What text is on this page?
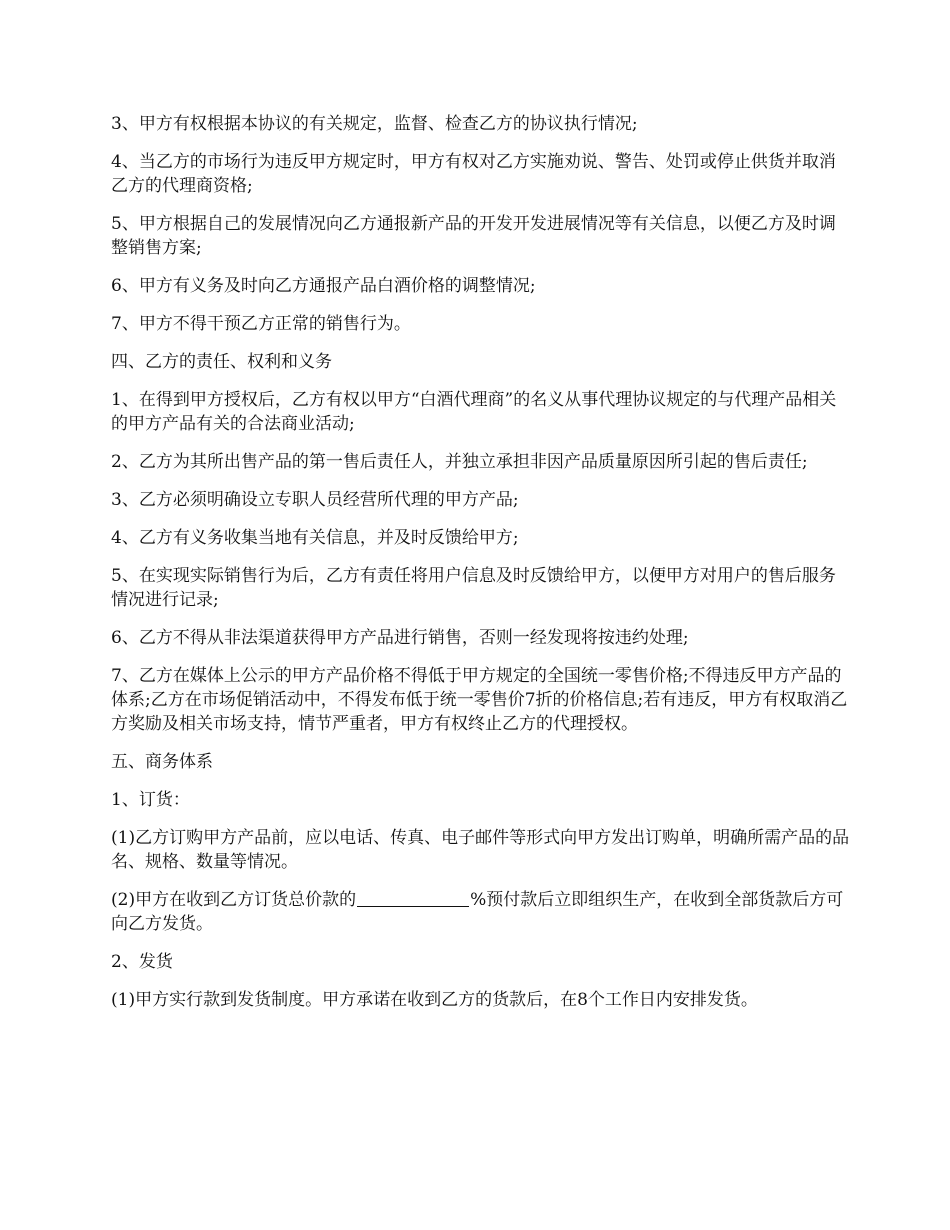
3、甲方有权根据本协议的有关规定，监督、检查乙方的协议执行情况;

4、当乙方的市场行为违反甲方规定时，甲方有权对乙方实施劝说、警告、处罚或停止供货并取消乙方的代理商资格;

5、甲方根据自己的发展情况向乙方通报新产品的开发开发进展情况等有关信息，以便乙方及时调整销售方案;

6、甲方有义务及时向乙方通报产品白酒价格的调整情况;

7、甲方不得干预乙方正常的销售行为。

四、乙方的责任、权利和义务

1、在得到甲方授权后，乙方有权以甲方“白酒代理商”的名义从事代理协议规定的与代理产品相关的甲方产品有关的合法商业活动;

2、乙方为其所出售产品的第一售后责任人，并独立承担非因产品质量原因所引起的售后责任;

3、乙方必须明确设立专职人员经营所代理的甲方产品;

4、乙方有义务收集当地有关信息，并及时反馈给甲方;

5、在实现实际销售行为后，乙方有责任将用户信息及时反馈给甲方，以便甲方对用户的售后服务情况进行记录;

6、乙方不得从非法渠道获得甲方产品进行销售，否则一经发现将按违约处理;

7、乙方在媒体上公示的甲方产品价格不得低于甲方规定的全国统一零售价格;不得违反甲方产品的体系;乙方在市场促销活动中，不得发布低于统一零售价7折的价格信息;若有违反，甲方有权取消乙方奖励及相关市场支持，情节严重者，甲方有权终止乙方的代理授权。

五、商务体系

1、订货：

(1)乙方订购甲方产品前，应以电话、传真、电子邮件等形式向甲方发出订购单，明确所需产品的品名、规格、数量等情况。

(2)甲方在收到乙方订货总价款的	%预付款后立即组织生产，在收到全部货款后方可向乙方发货。

2、发货

(1)甲方实行款到发货制度。甲方承诺在收到乙方的货款后，在8个工作日内安排发货。
